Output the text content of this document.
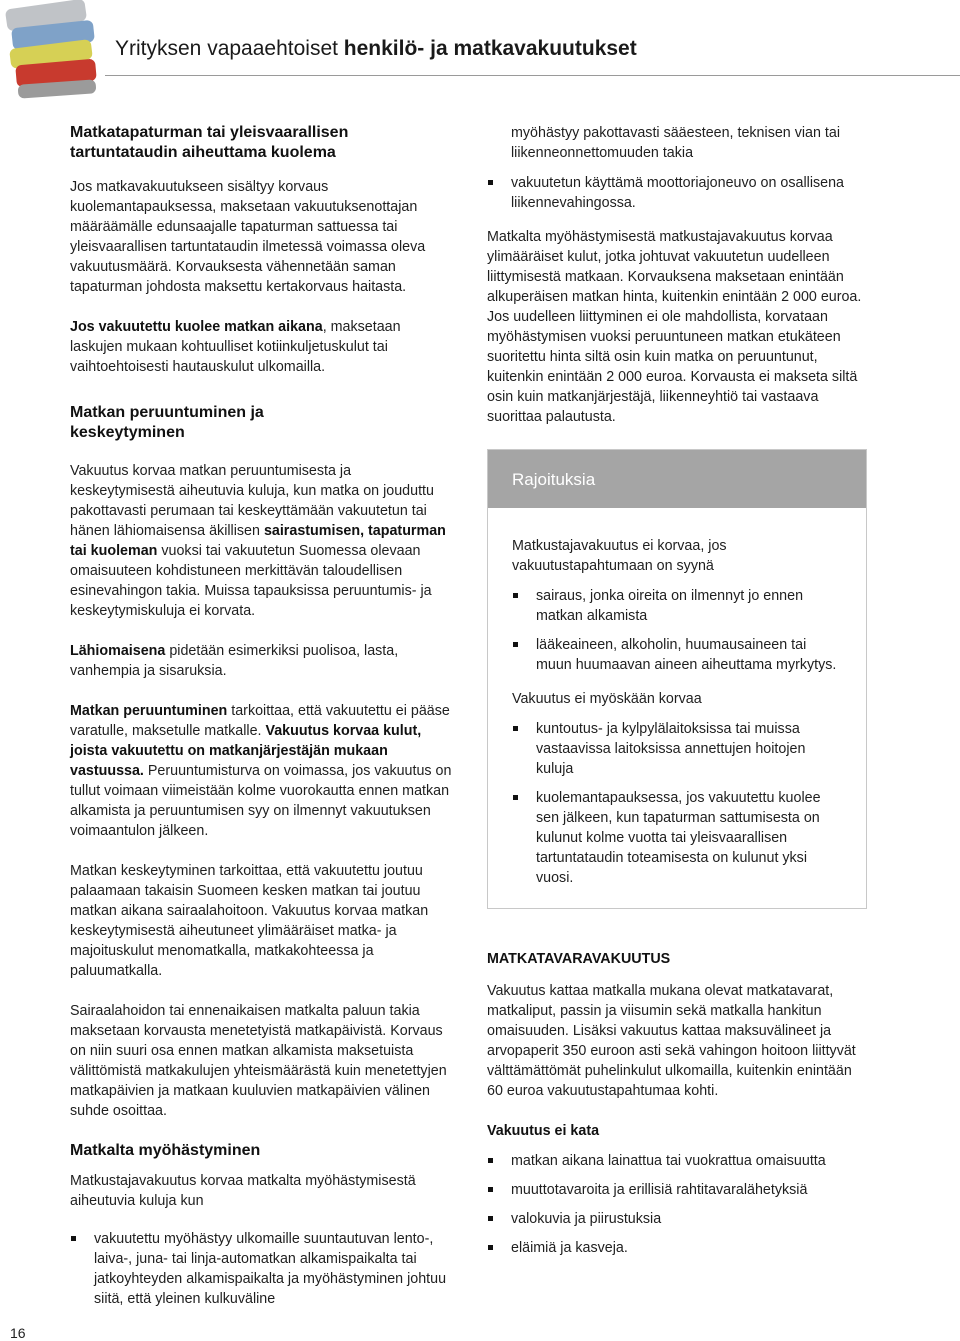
Yrityksen vapaaehtoiset henkilö- ja matkavakuutukset
Matkatapaturman tai yleisvaarallisen tartuntataudin aiheuttama kuolema

Jos matkavakuutukseen sisältyy korvaus kuolemantapauksessa, maksetaan vakuutuksenottajan määräämälle edunsaajalle tapaturman sattuessa tai yleisvaarallisen tartuntataudin ilmetessä voimassa oleva vakuutusmäärä. Korvauksesta vähennetään saman tapaturman johdosta maksettu kertakorvaus haitasta.

Jos vakuutettu kuolee matkan aikana, maksetaan laskujen mukaan kohtuulliset kotiinkuljetuskulut tai vaihtoehtoisesti hautauskulut ulkomailla.

Matkan peruuntuminen ja keskeytyminen

Vakuutus korvaa matkan peruuntumisesta ja keskeytymisestä aiheutuvia kuluja, kun matka on jouduttu pakottavasti perumaan tai keskeyttämään vakuutetun tai hänen lähiomaisensa äkillisen sairastumisen, tapaturman tai kuoleman vuoksi tai vakuutetun Suomessa olevaan omaisuuteen kohdistuneen merkittävän taloudellisen esinevahingon takia. Muissa tapauksissa peruuntumis- ja keskeytymiskuluja ei korvata.

Lähiomaisena pidetään esimerkiksi puolisoa, lasta, vanhempia ja sisaruksia.

Matkan peruuntuminen tarkoittaa, että vakuutettu ei pääse varatulle, maksetulle matkalle. Vakuutus korvaa kulut, joista vakuutettu on matkanjärjestäjän mukaan vastuussa. Peruuntumisturva on voimassa, jos vakuutus on tullut voimaan viimeistään kolme vuorokautta ennen matkan alkamista ja peruuntumisen syy on ilmennyt vakuutuksen voimaantulon jälkeen.

Matkan keskeytyminen tarkoittaa, että vakuutettu joutuu palaamaan takaisin Suomeen kesken matkan tai joutuu matkan aikana sairaalahoitoon. Vakuutus korvaa matkan keskeytymisestä aiheutuneet ylimääräiset matka- ja majoituskulut menomatkalla, matkakohteessa ja paluumatkalla.

Sairaalahoidon tai ennenaikaisen matkalta paluun takia maksetaan korvausta menetetyistä matkapäivistä. Korvaus on niin suuri osa ennen matkan alkamista maksetuista välittömistä matkakulujen yhteismäärästä kuin menetettyjen matkapäivien ja matkaan kuuluvien matkapäivien välinen suhde osoittaa.

Matkalta myöhästyminen

Matkustajavakuutus korvaa matkalta myöhästymisestä aiheutuvia kuluja kun

vakuutettu myöhästyy ulkomaille suuntautuvan lento-, laiva-, juna- tai linja-automatkan alkamispaikalta tai jatkoyhteyden alkamispaikalta ja myöhästyminen johtuu siitä, että yleinen kulkuväline

myöhästyy pakottavasti sääesteen, teknisen vian tai liikenneonnettomuuden takia

vakuutetun käyttämä moottoriajoneuvo on osallisena liikennevahingossa.

Matkalta myöhästymisestä matkustajavakuutus korvaa ylimääräiset kulut, jotka johtuvat vakuutetun uudelleen liittymisestä matkaan. Korvauksena maksetaan enintään alkuperäisen matkan hinta, kuitenkin enintään 2 000 euroa. Jos uudelleen liittyminen ei ole mahdollista, korvataan myöhästymisen vuoksi peruuntuneen matkan etukäteen suoritettu hinta siltä osin kuin matka on peruuntunut, kuitenkin enintään 2 000 euroa. Korvausta ei makseta siltä osin kuin matkanjärjestäjä, liikenneyhtiö tai vastaava suorittaa palautusta.

Rajoituksia

Matkustajavakuutus ei korvaa, jos vakuutustapahtumaan on syynä

sairaus, jonka oireita on ilmennyt jo ennen matkan alkamista
lääkeaineen, alkoholin, huumausaineen tai muun huumaavan aineen aiheuttama myrkytys.

Vakuutus ei myöskään korvaa

kuntoutus- ja kylpylälaitoksissa tai muissa vastaavissa laitoksissa annettujen hoitojen kuluja
kuolemantapauksessa, jos vakuutettu kuolee sen jälkeen, kun tapaturman sattumisesta on kulunut kolme vuotta tai yleisvaarallisen tartuntataudin toteamisesta on kulunut yksi vuosi.
MATKATAVARAVAKUUTUS

Vakuutus kattaa matkalla mukana olevat matkatavarat, matkaliput, passin ja viisumin sekä matkalla hankitun omaisuuden. Lisäksi vakuutus kattaa maksuvälineet ja arvopaperit 350 euroon asti sekä vahingon hoitoon liittyvät välttämättömät puhelinkulut ulkomailla, kuitenkin enintään 60 euroa vakuutustapahtumaa kohti.

Vakuutus ei kata
matkan aikana lainattua tai vuokrattua omaisuutta
muuttotavaroita ja erillisiä rahtitavaralähetyksiä
valokuvia ja piirustuksia
eläimiä ja kasveja.
16
